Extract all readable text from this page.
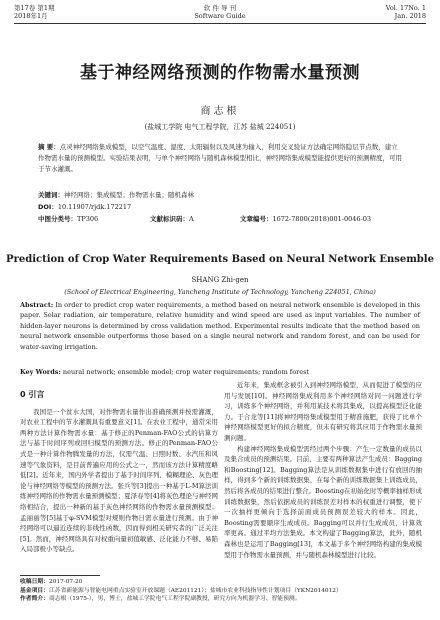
第17卷 第1期
2018年1月
软 件 导 刊
Software Guide
Vol. 17No. 1
Jan. 2018
基于神经网络预测的作物需水量预测
商志根
(盐城工学院 电气工程学院，江苏 盐城 224051)
摘 要：点灵神经网络集成模型，以空气温度、湿度、太阳辐射以及风速为输入，利用交叉验证方法确定网络隐层节点数，建立作物需水量的预测模型。实验结果表明，与单个神经网络与随机森林模型相比，神经网络集成模型能提供更好的预测精度，可用于节水灌溉。
关键词：神经网络；集成模型；作物需水量；随机森林
DOI：10.11907/rjdk.172217
中图分类号：TP306	文献标识码：A	文章编号：1672-7800(2018)001-0046-03
Prediction of Crop Water Requirements Based on Neural Network Ensemble
SHANG Zhi-gen
(School of Electrical Engineering, Yancheng Institute of Technology, Yancheng 224051, China)
Abstract: In order to predict crop water requirements, a method based on neural network ensemble is developed in this paper. Solar radiation, air temperature, relative humidity and wind speed are used as input variables. The number of hidden-layer neurons is determined by cross validation method. Experimental results indicate that the method based on neural network ensemble outperforms those based on a single neural network and random forest, and can be used for water-saving irrigation.
Key Words: neural network; ensemble model; crop water requirements; random forest
0 引言

我国是一个贫水大国，对作物需水量作出准确预测并按需灌溉，对农业工程中的节水灌溉具有重要意义[1]。在农业工程中，通常采用两种方法计算作物需水量：基于修正的Penman-FAO公式的估算方法与基于时间序列或回归模型的预测方法。修正的Penman-FAO公式是一种计算作物腾发量的方法，仪需气温、日照时数、水汽压和风速等气象资料，是目前普遍应用的公式之一，然而该方法计算精度略低[2]。近年来，国内外学者提出了基于时间序列、模糊理论、灰色理论与神经网络等模型的预测方法。张兵等[3]提出一种基于L-M算法训练神经网络的作物需水量预测模型；夏泽春等[4]将灰色理论与神经网络相结合，提出一种新的基于灰色神经网络的作物需水量预测模型；孟丽丽等[5]基于φ-SVM模型对规则作物日需水量进行预测。由于神经网络可以逼近连续的非线性函数，因而得到相关研究者的广泛关注[5]。然而，神经网络具有对权重向量初值敏感、泛化能力不够、易陷入局部极小等缺点。

近年来，集成框念被引入到神经网络模型，从而促进了模型的应用与发展[10]。神经网络集成利用多个神经网络对同一问题进行学习，训练多个神经网络，并利用某技术将其集成，以提高模型泛化能力。于合龙等[11]将神经网络集成模型用于精准施肥，获得了比单个神经网络模型更好的拟合精度，但未有研究将其应用于作物需水量预测问题。

构建神经网络集成模型需经过两个步骤：产生一定数量的成员以及集合成员的预测结果。目前，主要有两种算法产生成员：Bagging和Boosting[12]。Bagging算法是从训练数据集中进行有放回的抽样，得到多个新的训练数据集，在每个新的训练数据集上训练成员，然后将各成员的结果进行整合。Boosting在初始化时等概率抽样形成训练数据集，然后依据成员的训练误差对样本的权重进行调整，使下一次抽样更倾向于选择前面成员预测误差较大的样本。因此，Boosting需要顺序生成成员。Bagging可以并行生成成员，计算效率更高。通过平均方法集成。本文构建了Bagging算法，此外，随机森林也是运用了Bagging[13]，本文基于多个神经网络构建的集成模型用于作物需水量预测，并与随机森林模型进行比较。

收稿日期：2017-07-20
基金项目：江苏省新能源与智能电网重点实验室开放课题（AE201121）；盐城市农业科技指导性计划项目（YKN2014012）
作者简介：商志根（1975-），男，博士，盐城工学院电气工程学院副教授，研究方向为机器学习、智能预测。
